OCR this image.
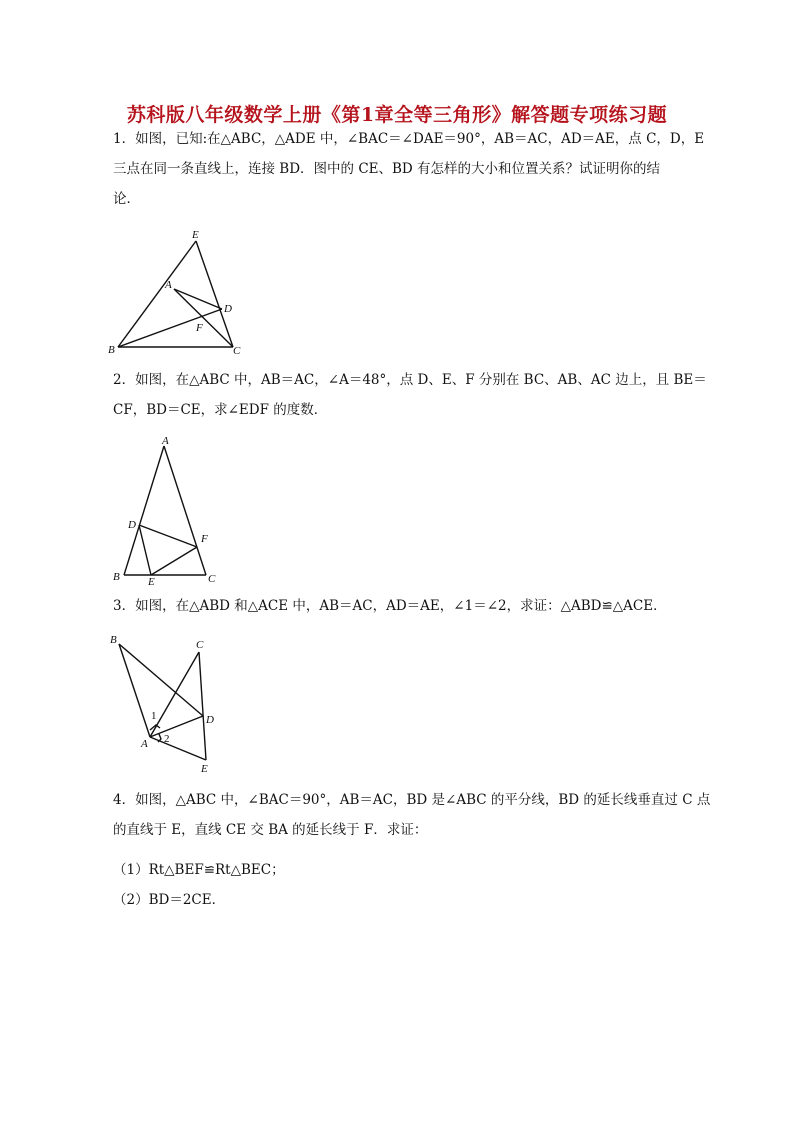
苏科版八年级数学上册《第1章全等三角形》解答题专项练习题
1．如图，已知:在△ABC，△ADE 中，∠BAC＝∠DAE＝90°，AB＝AC，AD＝AE，点 C，D，E
三点在同一条直线上，连接 BD．图中的 CE、BD 有怎样的大小和位置关系？试证明你的结
论．
E
A
D
F
B	C
2．如图，在△ABC 中，AB＝AC，∠A＝48°，点 D、E、F 分别在 BC、AB、AC 边上，且 BE＝
CF，BD＝CE，求∠EDF 的度数．
A
D
F
B	E	C
3．如图，在△ABD 和△ACE 中，AB＝AC，AD＝AE，∠1＝∠2，求证：△ABD≌△ACE．
B	C
1	D
A 2
E
4．如图，△ABC 中，∠BAC＝90°，AB＝AC，BD 是∠ABC 的平分线，BD 的延长线垂直过 C 点
的直线于 E，直线 CE 交 BA 的延长线于 F．求证：
（1）Rt△BEF≌Rt△BEC；
（2）BD＝2CE．
